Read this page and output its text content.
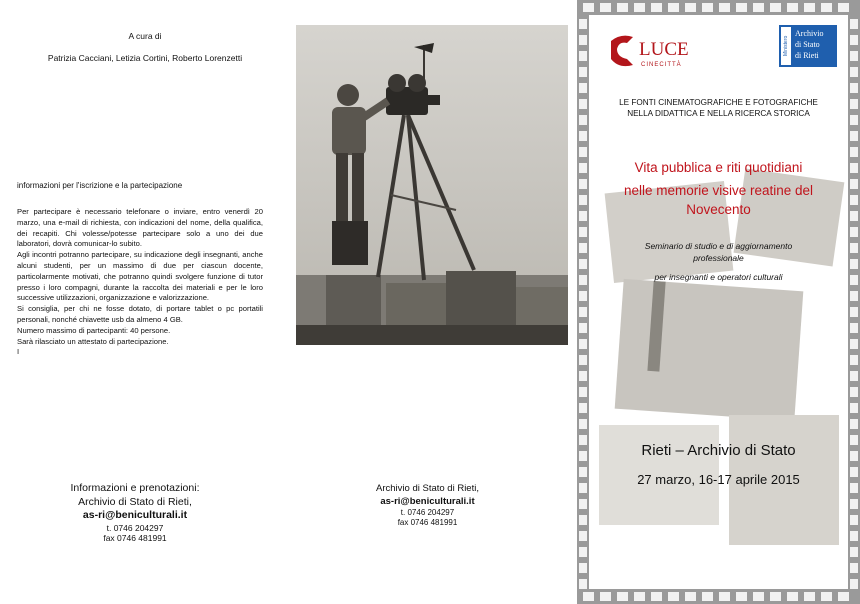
A cura di
Patrizia Cacciani, Letizia Cortini, Roberto Lorenzetti
informazioni per l'iscrizione e la partecipazione

Per partecipare è necessario telefonare o inviare, entro venerdì 20 marzo, una e-mail di richiesta, con indicazioni del nome, della qualifica, dei recapiti. Chi volesse/potesse partecipare solo a uno dei due laboratori, dovrà comunicar-lo subito.

Agli incontri potranno partecipare, su indicazione degli insegnanti, anche alcuni studenti, per un massimo di due per ciascun docente, particolarmente motivati, che potranno quindi svolgere funzione di tutor presso i loro compagni, durante la raccolta dei materiali e per le loro successive utilizzazioni, organizzazione e valorizzazione.

Si consiglia, per chi ne fosse dotato, di portare tablet o pc portatili personali, nonché chiavette usb da almeno 4 GB.

Numero massimo di partecipanti: 40 persone.

Sarà rilasciato un attestato di partecipazione.

I

Informazioni e prenotazioni:
Archivio di Stato di Rieti,
as-ri@beniculturali.it
t. 0746 204297
fax 0746 481991
Archivio di Stato di Rieti,
as-ri@beniculturali.it
t. 0746 204297
fax 0746 481991
LUCE
CINECITTÀ
Ministero
Archivio
di Stato
di Rieti
LE FONTI CINEMATOGRAFICHE E FOTOGRAFICHE
NELLA DIDATTICA E NELLA RICERCA STORICA
Vita pubblica e riti quotidiani
nelle memorie visive reatine del
Novecento
Seminario di studio e di aggiornamento
professionale
per insegnanti e operatori culturali
Rieti – Archivio di Stato
27 marzo, 16-17 aprile 2015
